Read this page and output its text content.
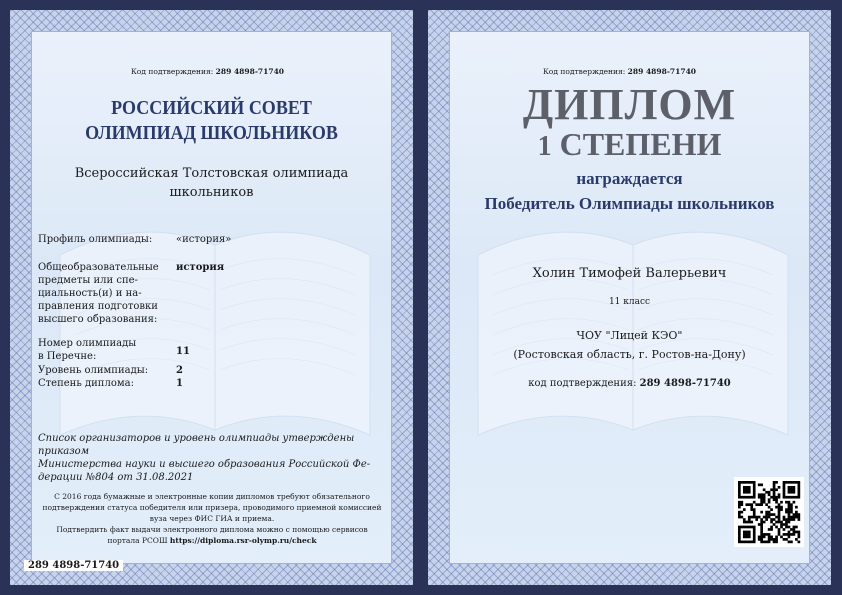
Код подтверждения: 289 4898-71740
РОССИЙСКИЙ СОВЕТ
ОЛИМПИАД ШКОЛЬНИКОВ
Всероссийская Толстовская олимпиада
школьников
Профиль олимпиады: «история»
Общеобразовательные
предметы или спе-
циальность(и) и на-
правления подготовки
высшего образования:
история
Номер олимпиады
в Перечне:	11
Уровень олимпиады:	2
Степень диплома:	1
Список организаторов и уровень олимпиады утверждены
приказом
Министерства науки и высшего образования Российской Фе-
дерации №804 от 31.08.2021
С 2016 года бумажные и электронные копии дипломов требуют обязательного
подтверждения статуса победителя или призера, проводимого приемной комиссией
вуза через ФИС ГИА и приема.
Подтвердить факт выдачи электронного диплома можно с помощью сервисов
портала РСОШ https://diploma.rsr-olymp.ru/check
289 4898-71740
Код подтверждения: 289 4898-71740
ДИПЛОМ
1 СТЕПЕНИ
награждается
Победитель Олимпиады школьников
Холин Тимофей Валерьевич
11 класс
ЧОУ "Лицей КЭО"
(Ростовская область, г. Ростов-на-Дону)
код подтверждения: 289 4898-71740
